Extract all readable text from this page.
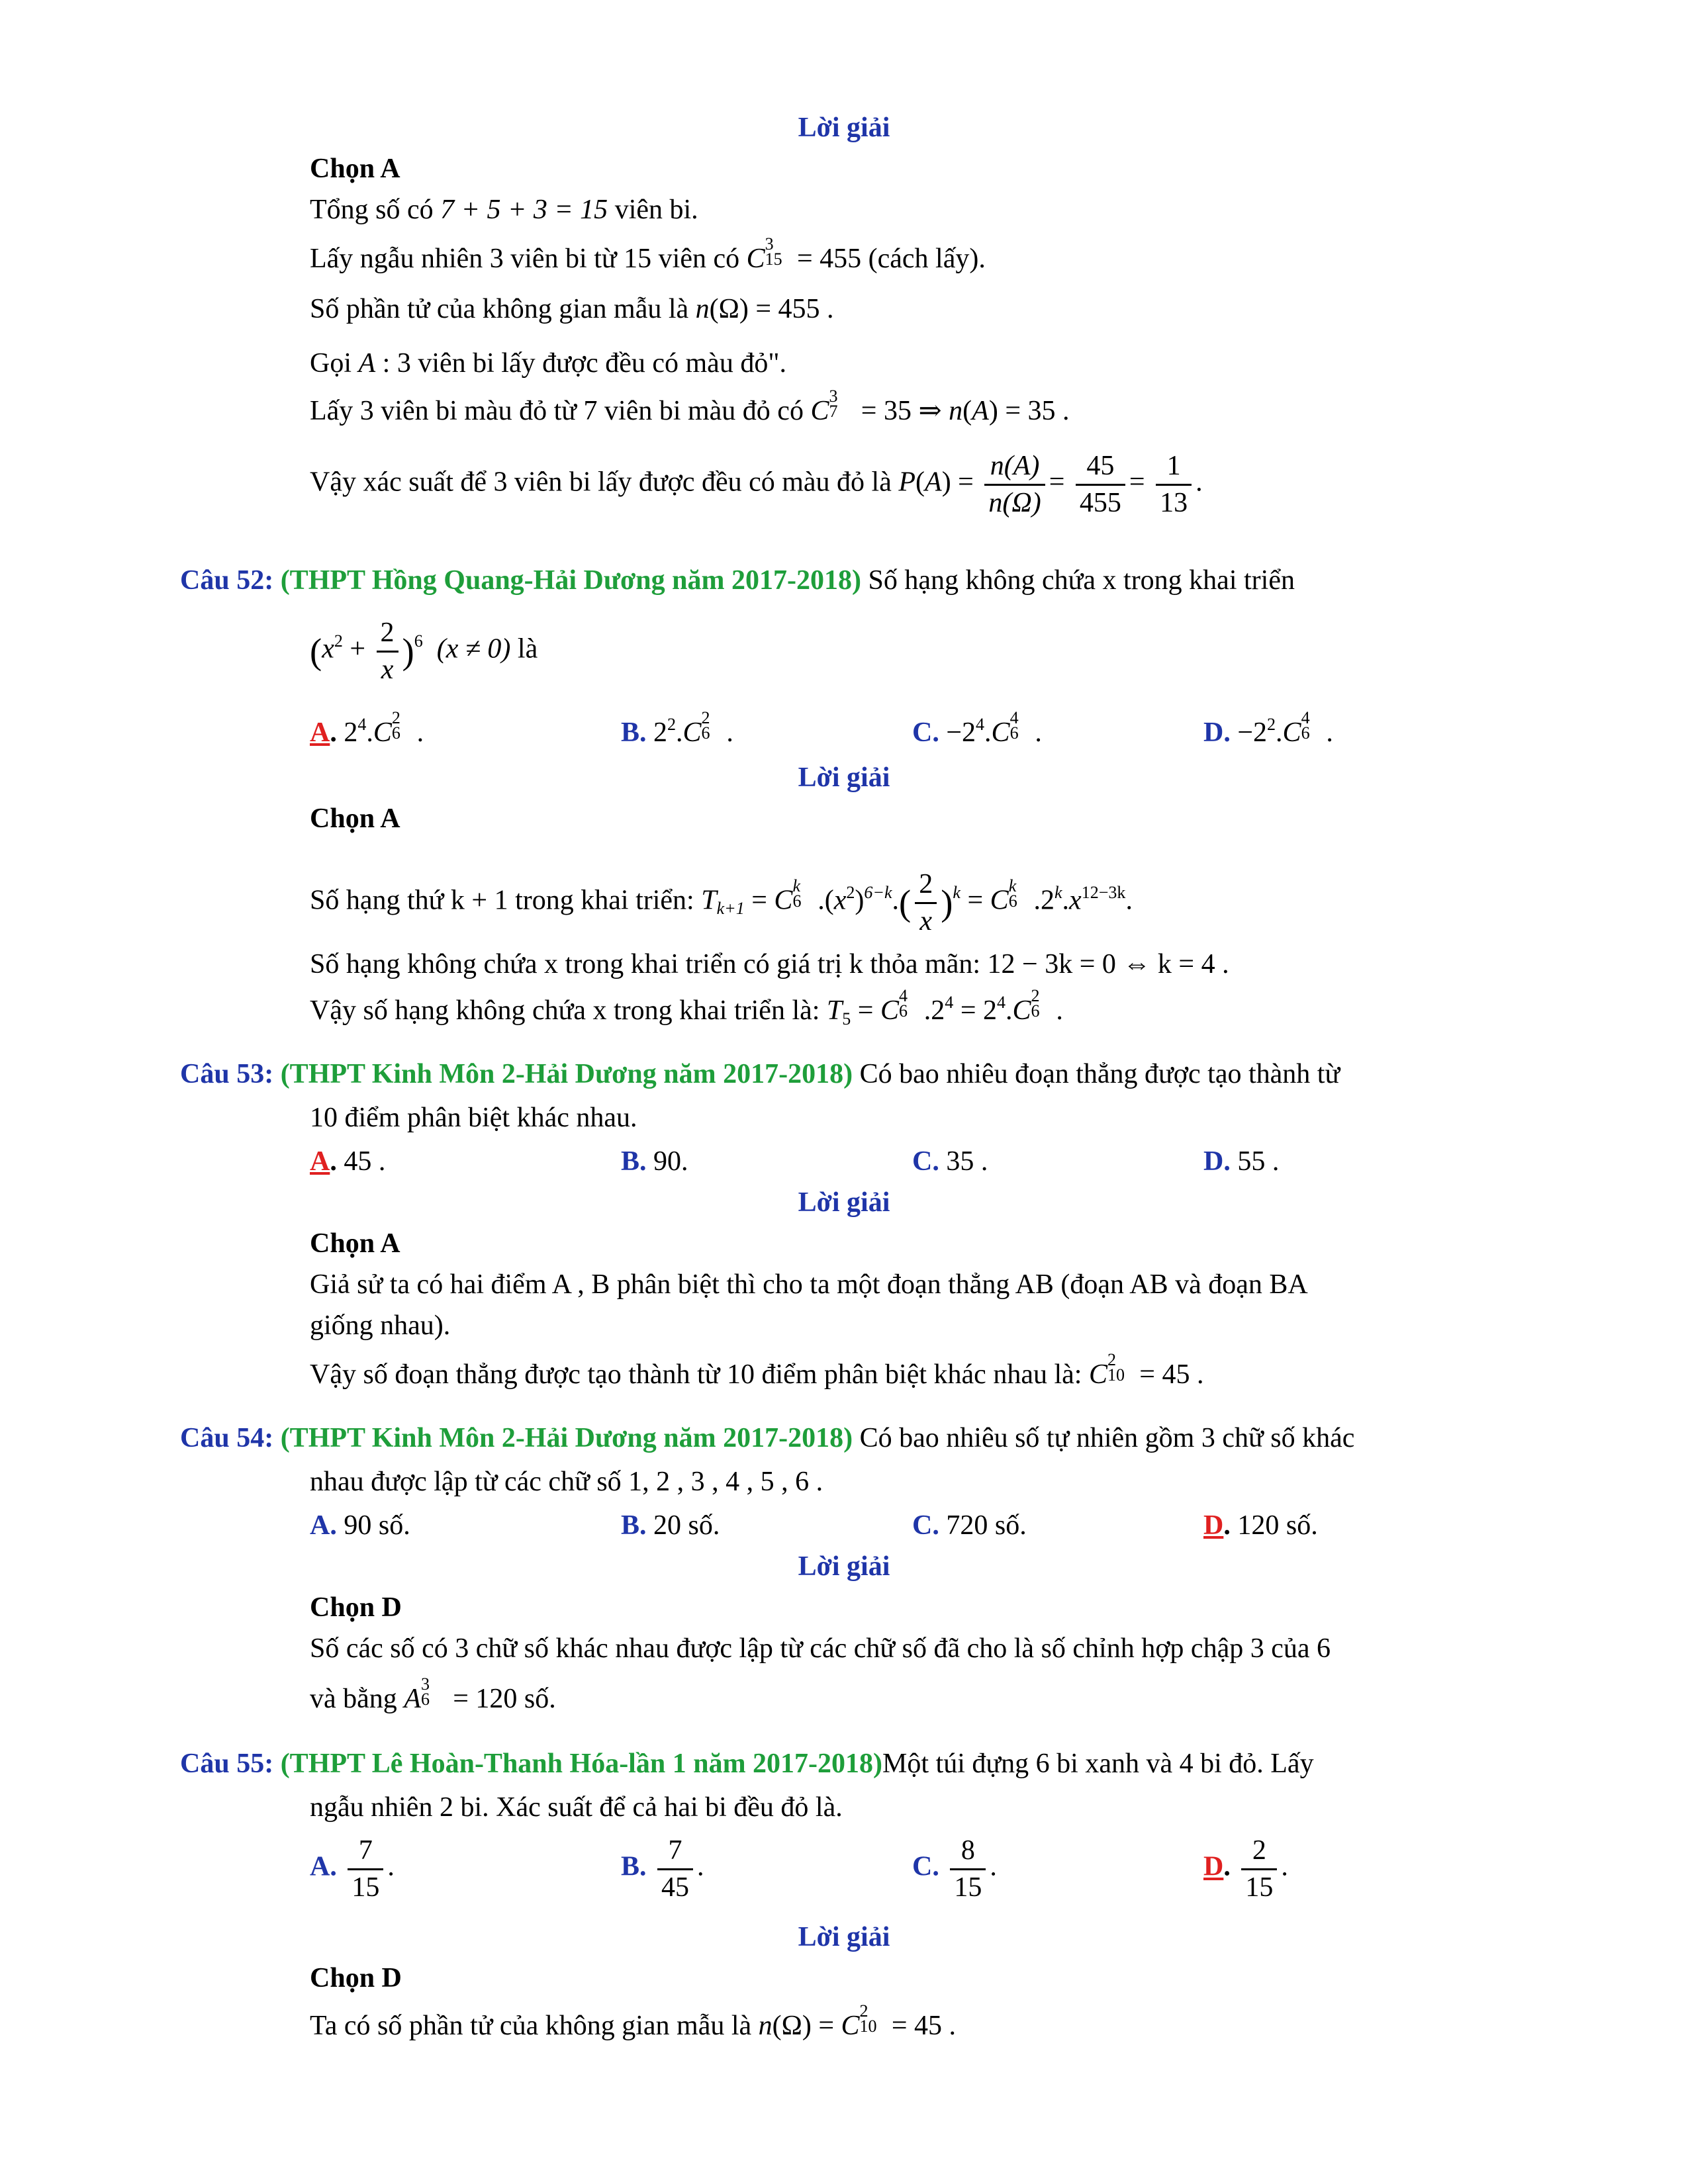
Lời giải
Chọn A
Tổng số có 7 + 5 + 3 = 15 viên bi.
Lấy ngẫu nhiên 3 viên bi từ 15 viên có C 3
15 = 455 (cách lấy).
Số phần tử của không gian mẫu là n(Ω) = 455 .
Gọi A : 3 viên bi lấy được đều có màu đỏ".
Lấy 3 viên bi màu đỏ từ 7 viên bi màu đỏ có C 3
7 = 35 ⇒ n(A) = 35 .
Vậy xác suất để 3 viên bi lấy được đều có màu đỏ là $P(A) = \frac{n(A)}{n(\Omega)} = \frac{45}{455} = \frac{1}{13}$ .
Câu 52: (THPT Hồng Quang-Hải Dương năm 2017-2018) Số hạng không chứa x trong khai triển
$(x^2 + \frac{2}{x} )^6$ (x ≠ 0) là
A. $2^4.C$ 2
6 .	B. $2^2.C$ 2
6 .	C. $-2^4.C$ 4
6 .	D. $-2^2.C$ 4
6 .
Lời giải
Chọn A
Số hạng thứ k + 1 trong khai triển: Tk+1 = C k
6 $.(x^2)^{6-k}.( \frac{2}{x} )^k = C$ k
6 $.2^k.x^{12-3k}$.
Số hạng không chứa x trong khai triển có giá trị k thỏa mãn: 12 − 3k = 0 ⇔ k = 4 .
Vậy số hạng không chứa x trong khai triển là: T5 = C 4
6 $.2^4 = 2^4.C$ 2
6 .
Câu 53: (THPT Kinh Môn 2-Hải Dương năm 2017-2018) Có bao nhiêu đoạn thẳng được tạo thành từ
10 điểm phân biệt khác nhau.
A. 45 .	B. 90.	C. 35 .	D. 55 .
Lời giải
Chọn A
Giả sử ta có hai điểm A , B phân biệt thì cho ta một đoạn thẳng AB (đoạn AB và đoạn BA
giống nhau).
Vậy số đoạn thẳng được tạo thành từ 10 điểm phân biệt khác nhau là: C 2
10 = 45 .
Câu 54: (THPT Kinh Môn 2-Hải Dương năm 2017-2018) Có bao nhiêu số tự nhiên gồm 3 chữ số khác
nhau được lập từ các chữ số 1, 2 , 3 , 4 , 5 , 6 .
A. 90 số.	B. 20 số.	C. 720 số.	D. 120 số.
Lời giải
Chọn D
Số các số có 3 chữ số khác nhau được lập từ các chữ số đã cho là số chỉnh hợp chập 3 của 6
và bằng A 3
6 = 120 số.
Câu 55: (THPT Lê Hoàn-Thanh Hóa-lần 1 năm 2017-2018)Một túi đựng 6 bi xanh và 4 bi đỏ. Lấy
ngẫu nhiên 2 bi. Xác suất để cả hai bi đều đỏ là.
A. $\frac{7}{15}$ .	B. $\frac{7}{45}$ .	C. $\frac{8}{15}$ .	D. $\frac{2}{15}$ .
Lời giải
Chọn D
Ta có số phần tử của không gian mẫu là n(Ω) = C 2
10 = 45 .
